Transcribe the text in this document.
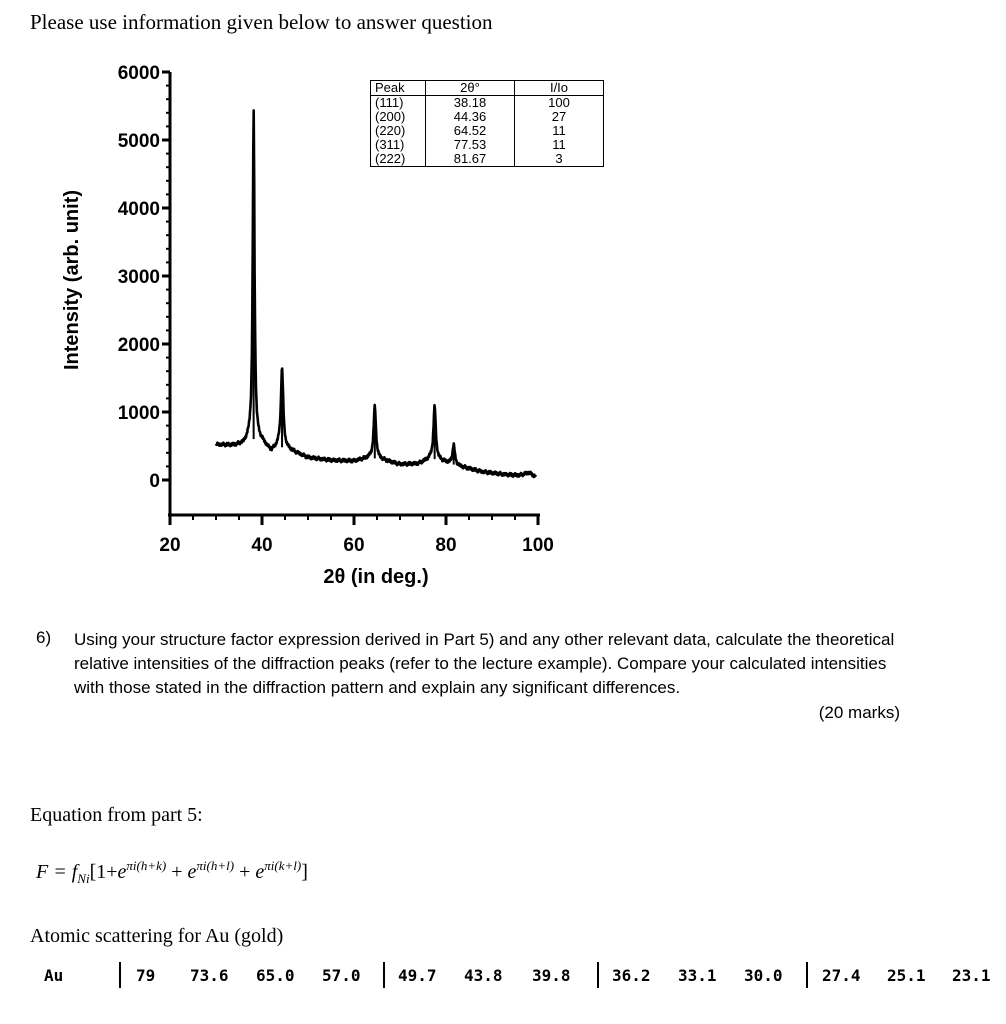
Please use information given below to answer question
Intensity (arb. unit)
2θ (in deg.)
0
1000
2000
3000
4000
5000
6000
20	40	60	80	100
Peak	2θ°	I/Io
(111)	38.18	100
(200)	44.36	27
(220)	64.52	11
(311)	77.53	11
(222)	81.67	3
6) Using your structure factor expression derived in Part 5) and any other relevant data, calculate the theoretical relative intensities of the diffraction peaks (refer to the lecture example). Compare your calculated intensities with those stated in the diffraction pattern and explain any significant differences.
(20 marks)
Equation from part 5:
$F = f_{Ni}[1+e^{\pi i(h+k)} + e^{\pi i(h+l)} + e^{\pi i(k+l)}]$
Atomic scattering for Au (gold)
Au	79 73.6 65.0 57.0 49.7 43.8 39.8	36.2 33.1 30.0 27.4 25.1 23.1
